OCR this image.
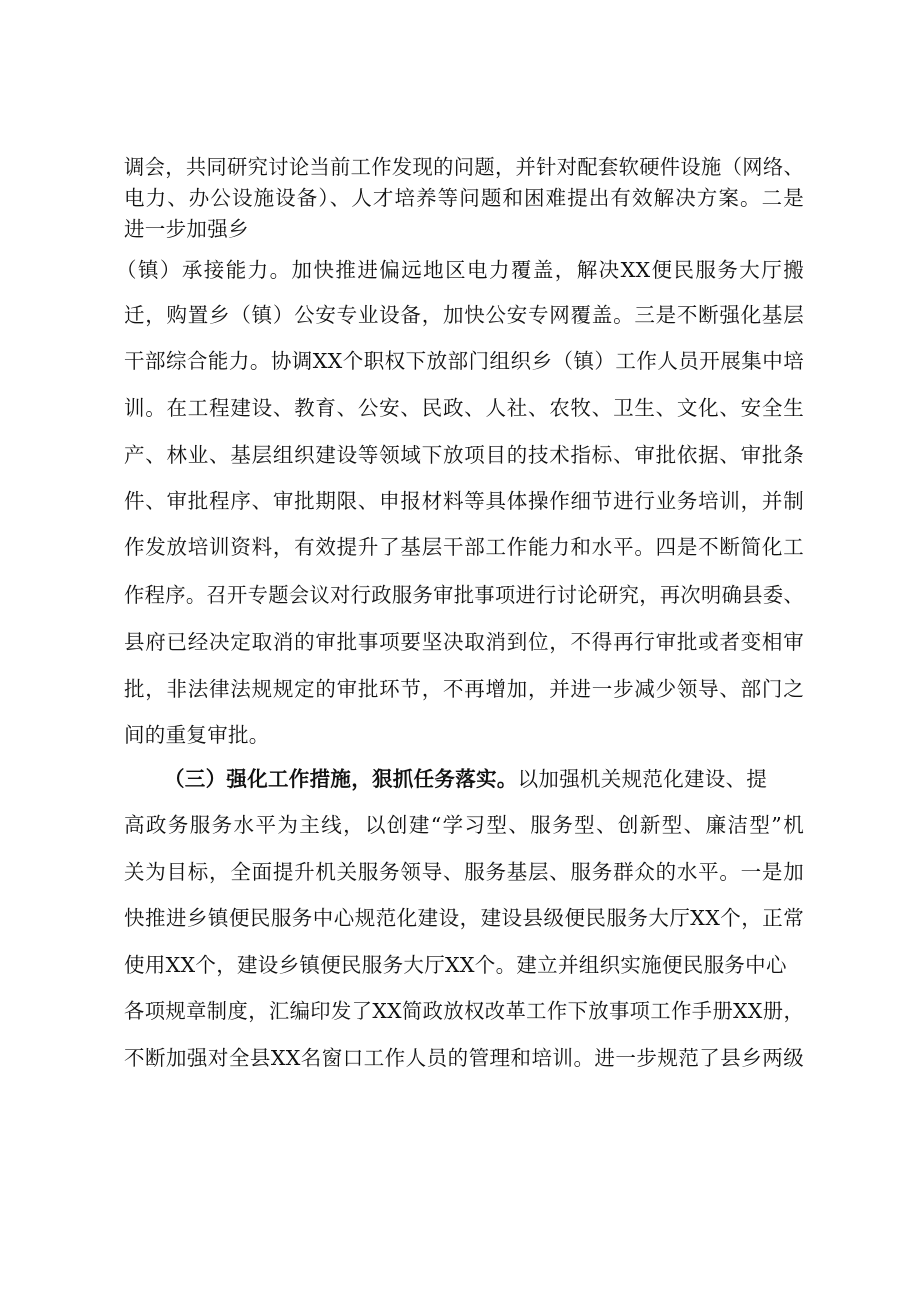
调会，共同研究讨论当前工作发现的问题，并针对配套软硬件设施（网络、
电力、办公设施设备）、人才培养等问题和困难提出有效解决方案。二是
进一步加强乡
（镇）承接能力。加快推进偏远地区电力覆盖，解决XX便民服务大厅搬
迁，购置乡（镇）公安专业设备，加快公安专网覆盖。三是不断强化基层
干部综合能力。协调XX个职权下放部门组织乡（镇）工作人员开展集中培
训。在工程建设、教育、公安、民政、人社、农牧、卫生、文化、安全生
产、林业、基层组织建设等领域下放项目的技术指标、审批依据、审批条
件、审批程序、审批期限、申报材料等具体操作细节进行业务培训，并制
作发放培训资料，有效提升了基层干部工作能力和水平。四是不断简化工
作程序。召开专题会议对行政服务审批事项进行讨论研究，再次明确县委、
县府已经决定取消的审批事项要坚决取消到位，不得再行审批或者变相审
批，非法律法规规定的审批环节，不再增加，并进一步减少领导、部门之
间的重复审批。
（三）强化工作措施，狠抓任务落实。以加强机关规范化建设、提
高政务服务水平为主线，以创建“学习型、服务型、创新型、廉洁型”机
关为目标，全面提升机关服务领导、服务基层、服务群众的水平。一是加
快推进乡镇便民服务中心规范化建设，建设县级便民服务大厅XX个，正常
使用XX个，建设乡镇便民服务大厅XX个。建立并组织实施便民服务中心
各项规章制度，汇编印发了XX简政放权改革工作下放事项工作手册XX册，
不断加强对全县XX名窗口工作人员的管理和培训。进一步规范了县乡两级
